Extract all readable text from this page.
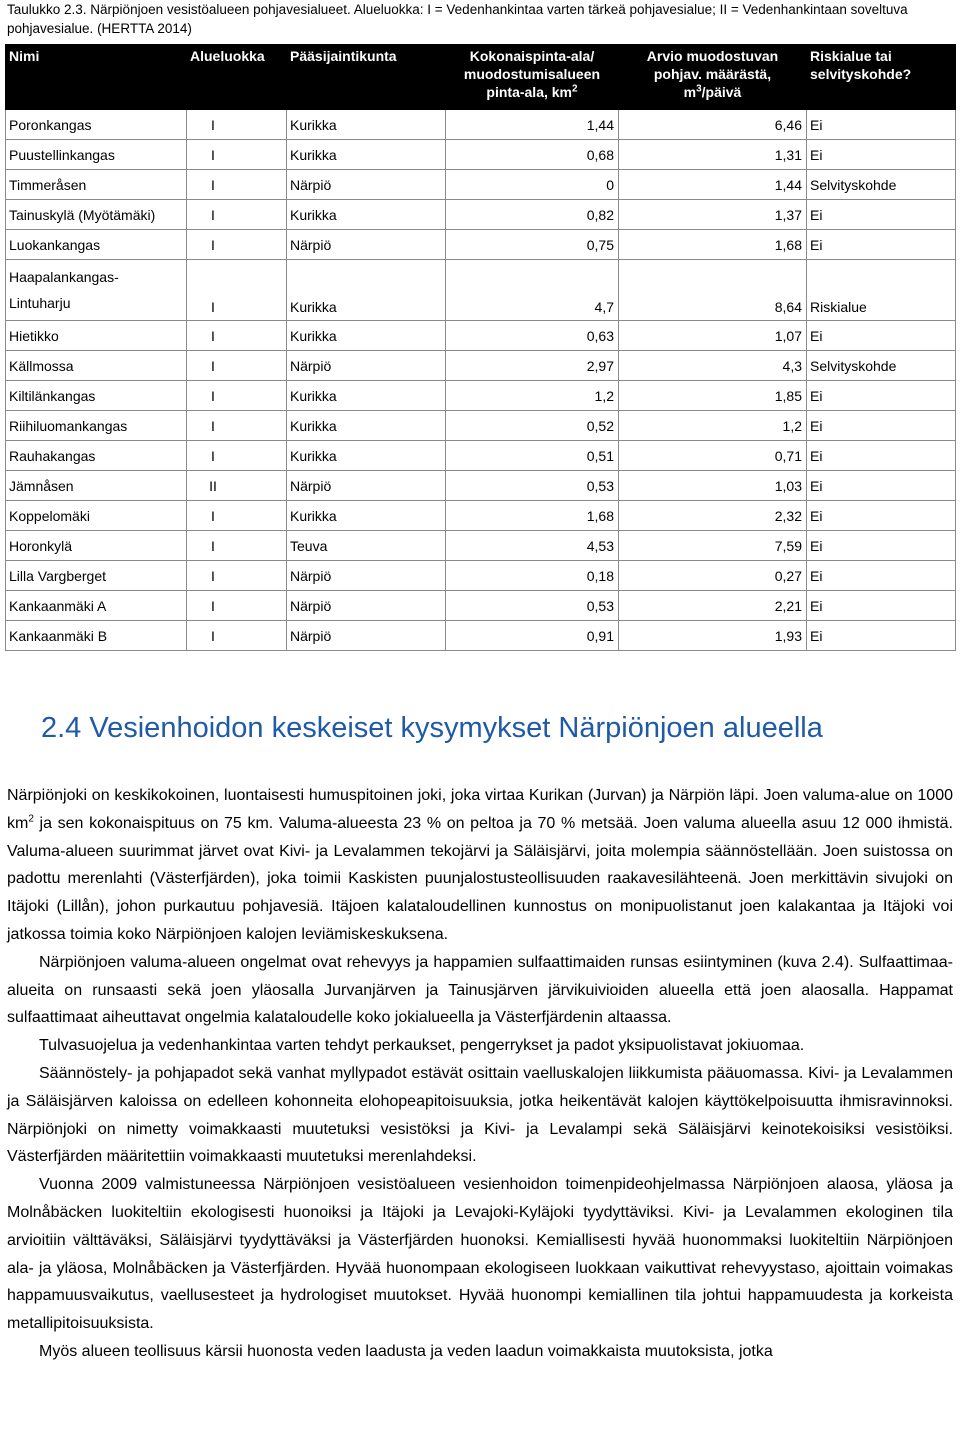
Taulukko 2.3. Närpiönjoen vesistöalueen pohjavesialueet. Alueluokka: I = Vedenhankintaa varten tärkeä pohjavesialue; II = Vedenhankintaan soveltuva pohjavesialue. (HERTTA 2014)
Nimi	Alueluokka	Pääsijaintikunta	Kokonaispinta-ala/
muodostumisalueen
pinta-ala, $km^2$	Arvio muodostuvan
pohjav. määrästä,
$m^3$/päivä	Riskialue tai
selvityskohde?
Poronkangas	I	Kurikka	1,44	6,46	Ei
Puustellinkangas	I	Kurikka	0,68	1,31	Ei
Timmeråsen	I	Närpiö	0	1,44	Selvityskohde
Tainuskylä (Myötämäki)	I	Kurikka	0,82	1,37	Ei
Luokankangas	I	Närpiö	0,75	1,68	Ei

Haapalankangas-
Lintuharju	I	Kurikka	4,7	8,64	Riskialue
Hietikko	I	Kurikka	0,63	1,07	Ei
Källmossa	I	Närpiö	2,97	4,3	Selvityskohde
Kiltilänkangas	I	Kurikka	1,2	1,85	Ei
Riihiluomankangas	I	Kurikka	0,52	1,2	Ei
Rauhakangas	I	Kurikka	0,51	0,71	Ei
Jämnåsen	II	Närpiö	0,53	1,03	Ei
Koppelomäki	I	Kurikka	1,68	2,32	Ei
Horonkylä	I	Teuva	4,53	7,59	Ei
Lilla Vargberget	I	Närpiö	0,18	0,27	Ei
Kankaanmäki A	I	Närpiö	0,53	2,21	Ei
Kankaanmäki B	I	Närpiö	0,91	1,93	Ei
2.4 Vesienhoidon keskeiset kysymykset Närpiönjoen alueella

Närpiönjoki on keskikokoinen, luontaisesti humuspitoinen joki, joka virtaa Kurikan (Jurvan) ja Närpiön läpi. Joen valuma-alue on 1000 $km^2$ ja sen kokonaispituus on 75 km. Valuma-alueesta 23 % on peltoa ja 70 % metsää. Joen valuma alueella asuu 12 000 ihmistä. Valuma-alueen suurimmat järvet ovat Kivi- ja Levalammen tekojärvi ja Säläisjärvi, joita molempia säännöstellään. Joen suistossa on padottu merenlahti (Västerfjärden), joka toimii Kaskisten puunjalostusteollisuuden raakavesilähteenä. Joen merkittävin sivujoki on Itäjoki (Lillån), johon purkautuu pohjavesiä. Itäjoen kalataloudellinen kunnostus on monipuolistanut joen kalakantaa ja Itäjoki voi jatkossa toimia koko Närpiönjoen kalojen leviämiskeskuksena.

Närpiönjoen valuma-alueen ongelmat ovat rehevyys ja happamien sulfaattimaiden runsas esiintyminen (kuva 2.4). Sulfaattimaa-alueita on runsaasti sekä joen yläosalla Jurvanjärven ja Tainusjärven järvikuivioiden alueella että joen alaosalla. Happamat sulfaattimaat aiheuttavat ongelmia kalataloudelle koko jokialueella ja Västerfjärdenin altaassa.

Tulvasuojelua ja vedenhankintaa varten tehdyt perkaukset, pengerrykset ja padot yksipuolistavat jokiuomaa.

Säännöstely- ja pohjapadot sekä vanhat myllypadot estävät osittain vaelluskalojen liikkumista pääuomassa. Kivi- ja Levalammen ja Säläisjärven kaloissa on edelleen kohonneita elohopeapitoisuuksia, jotka heikentävät kalojen käyttökelpoisuutta ihmisravinnoksi. Närpiönjoki on nimetty voimakkaasti muutetuksi vesistöksi ja Kivi- ja Levalampi sekä Säläisjärvi keinotekoisiksi vesistöiksi. Västerfjärden määritettiin voimakkaasti muutetuksi merenlahdeksi.

Vuonna 2009 valmistuneessa Närpiönjoen vesistöalueen vesienhoidon toimenpideohjelmassa Närpiönjoen alaosa, yläosa ja Molnåbäcken luokiteltiin ekologisesti huonoiksi ja Itäjoki ja Levajoki-Kyläjoki tyydyttäviksi. Kivi- ja Levalammen ekologinen tila arvioitiin välttäväksi, Säläisjärvi tyydyttäväksi ja Västerfjärden huonoksi. Kemiallisesti hyvää huonommaksi luokiteltiin Närpiönjoen ala- ja yläosa, Molnåbäcken ja Västerfjärden. Hyvää huonompaan ekologiseen luokkaan vaikuttivat rehevyystaso, ajoittain voimakas happamuusvaikutus, vaellusesteet ja hydrologiset muutokset. Hyvää huonompi kemiallinen tila johtui happamuudesta ja korkeista metallipitoisuuksista.

Myös alueen teollisuus kärsii huonosta veden laadusta ja veden laadun voimakkaista muutoksista, jotka
